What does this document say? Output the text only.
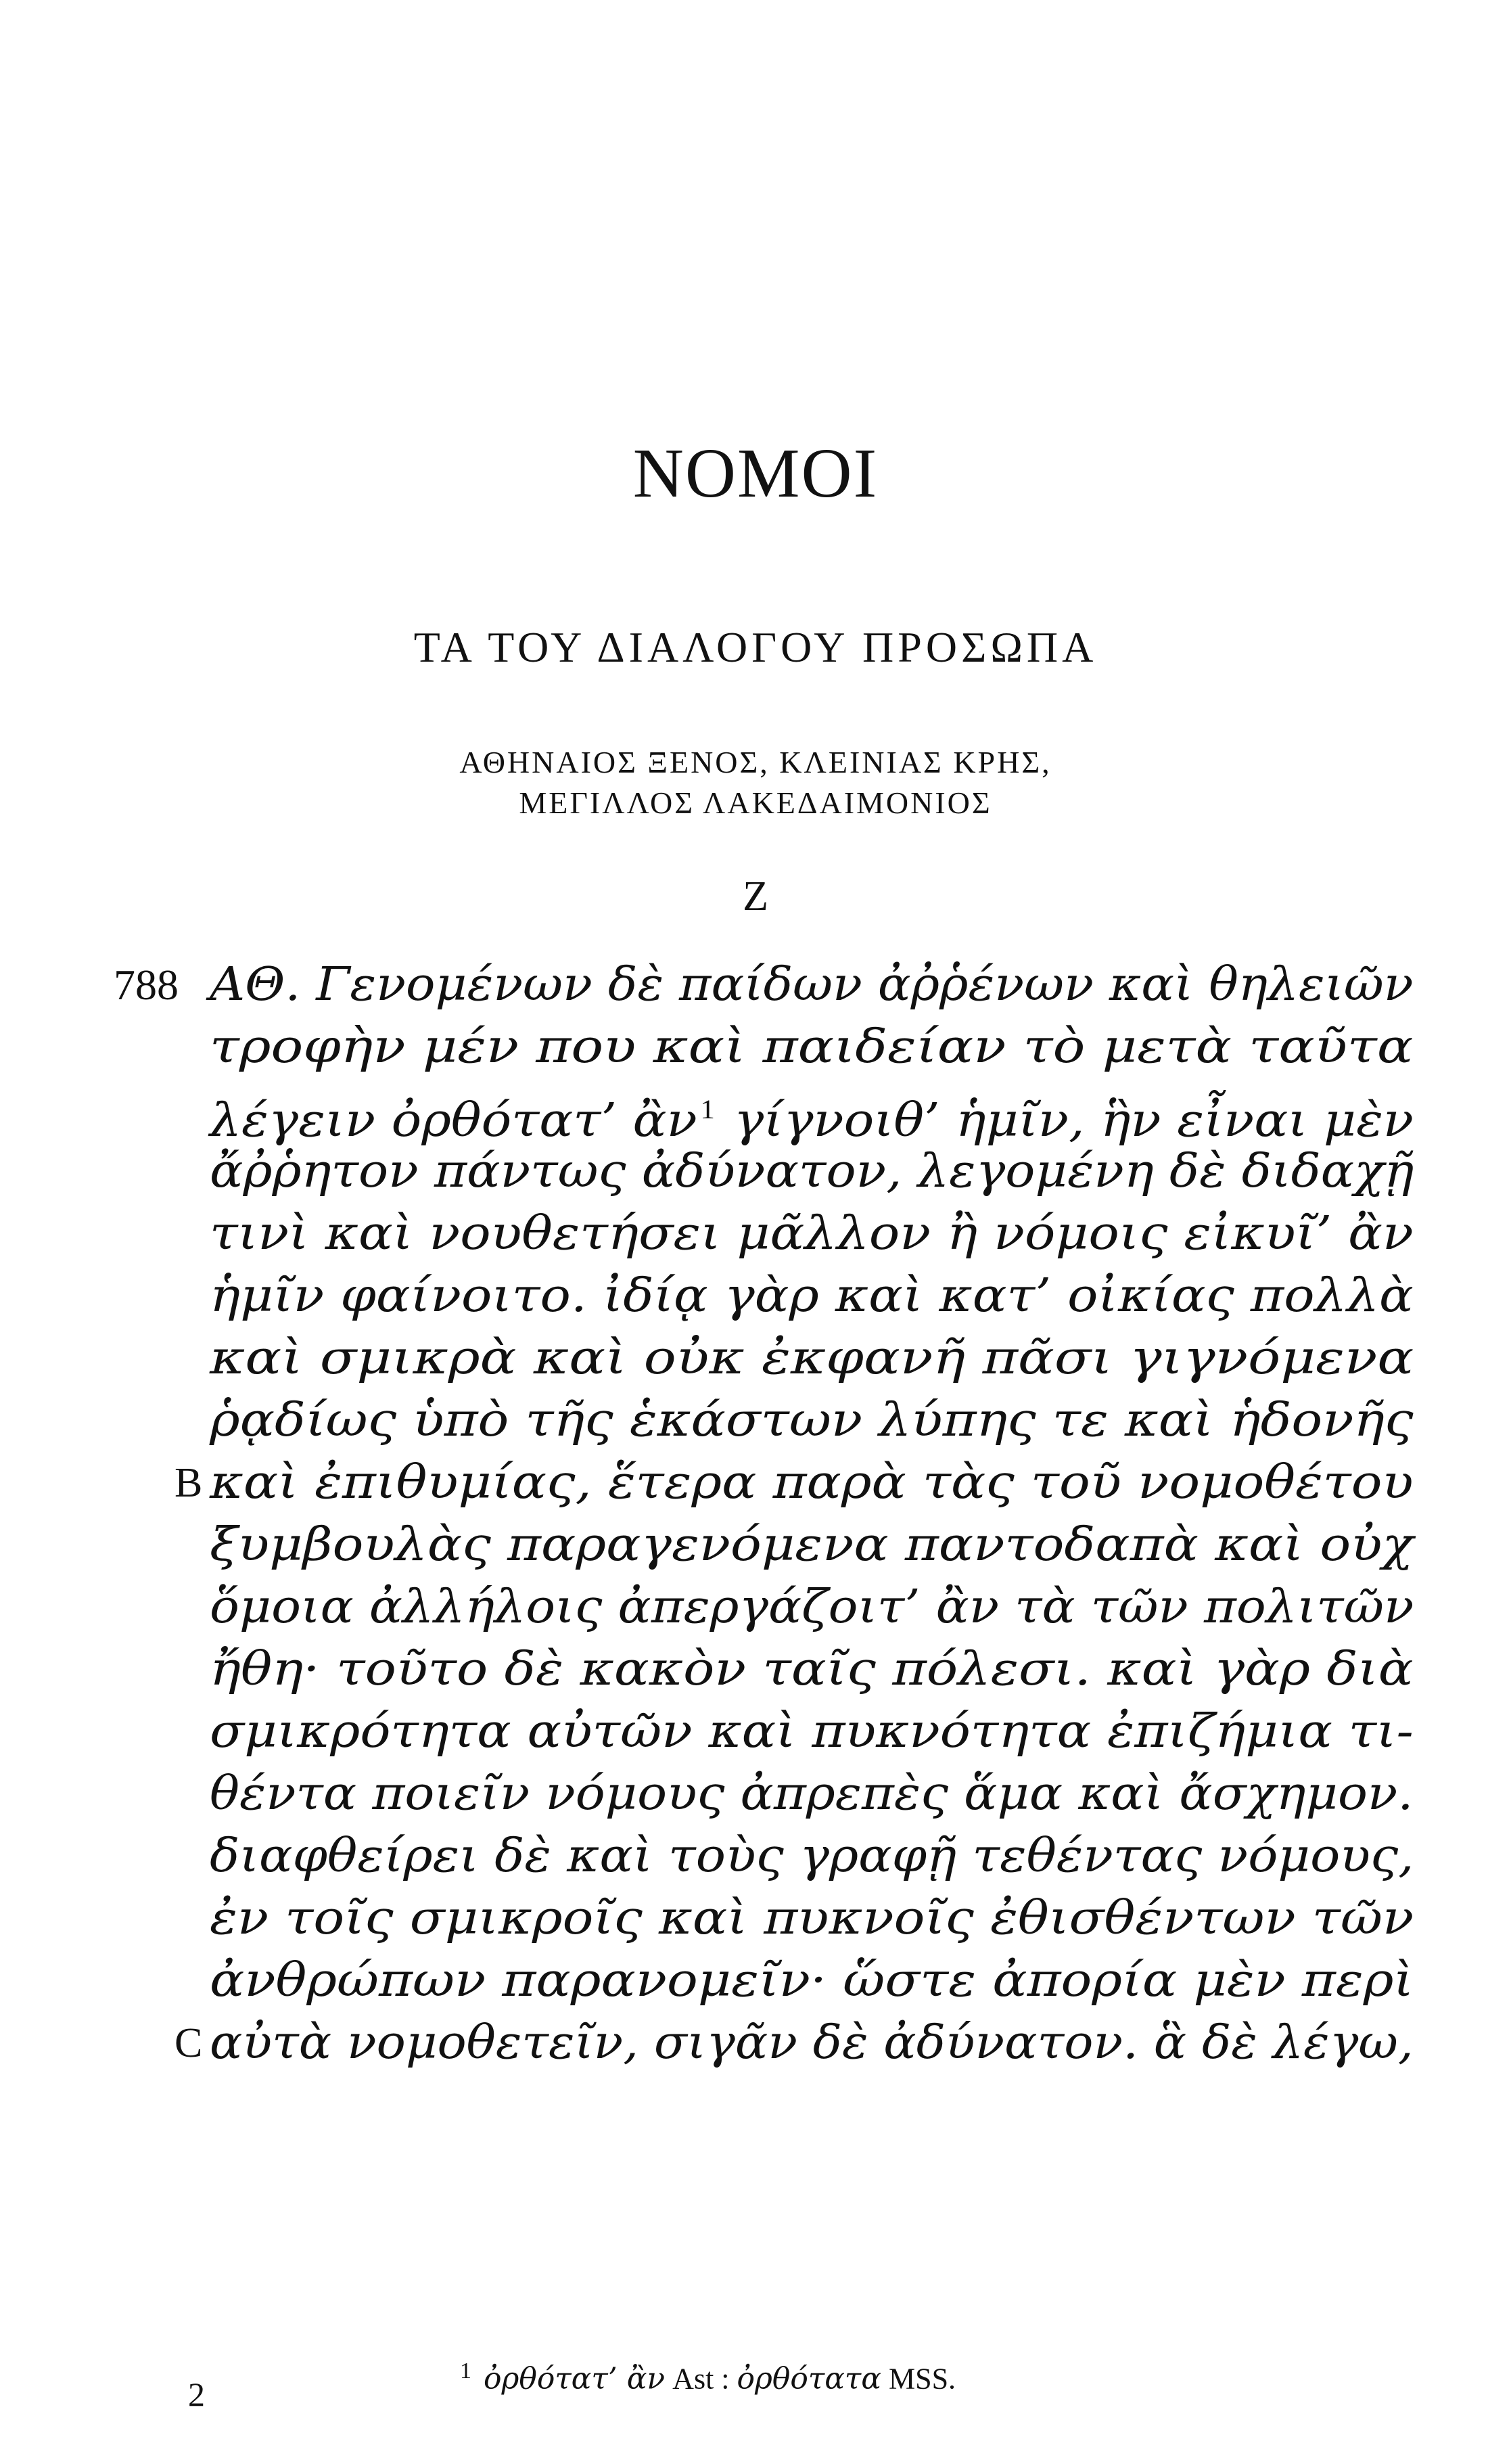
ΝΟΜΟΙ
ΤΑ ΤΟΥ ΔΙΑΛΟΓΟΥ ΠΡΟΣΩΠΑ
ΑΘΗΝΑΙΟΣ ΞΕΝΟΣ, ΚΛΕΙΝΙΑΣ ΚΡΗΣ,
ΜΕΓΙΛΛΟΣ ΛΑΚΕΔΑΙΜΟΝΙΟΣ
Ζ
788
B
C
ΑΘ. Γενομένων δὲ παίδων ἀῤῥένων καὶ θηλειῶν
τροφὴν μέν που καὶ παιδείαν τὸ μετὰ ταῦτα
λέγειν ὀρθότατ’ ἂν $^1$ γίγνοιθ’ ἡμῖν, ἣν εἶναι μὲν
ἄῤῥητον πάντως ἀδύνατον, λεγομένη δὲ διδαχῇ
τινὶ καὶ νουθετήσει μᾶλλον ἢ νόμοις εἰκυῖ’ ἂν
ἡμῖν φαίνοιτο. ἰδίᾳ γὰρ καὶ κατ’ οἰκίας πολλὰ
καὶ σμικρὰ καὶ οὐκ ἐκφανῆ πᾶσι γιγνόμενα
ῥᾳδίως ὑπὸ τῆς ἑκάστων λύπης τε καὶ ἡδονῆς
καὶ ἐπιθυμίας, ἕτερα παρὰ τὰς τοῦ νομοθέτου
ξυμβουλὰς παραγενόμενα παντοδαπὰ καὶ οὐχ
ὅμοια ἀλλήλοις ἀπεργάζοιτ’ ἂν τὰ τῶν πολιτῶν
ἤθη· τοῦτο δὲ κακὸν ταῖς πόλεσι. καὶ γὰρ διὰ
σμικρότητα αὐτῶν καὶ πυκνότητα ἐπιζήμια τι-
θέντα ποιεῖν νόμους ἀπρεπὲς ἅμα καὶ ἄσχημον.
διαφθείρει δὲ καὶ τοὺς γραφῇ τεθέντας νόμους,
ἐν τοῖς σμικροῖς καὶ πυκνοῖς ἐθισθέντων τῶν
ἀνθρώπων παρανομεῖν· ὥστε ἀπορία μὲν περὶ
αὐτὰ νομοθετεῖν, σιγᾶν δὲ ἀδύνατον. ἃ δὲ λέγω,
$^1$ ὀρθότατ’ ἂν Ast : ὀρθότατα MSS.
2
